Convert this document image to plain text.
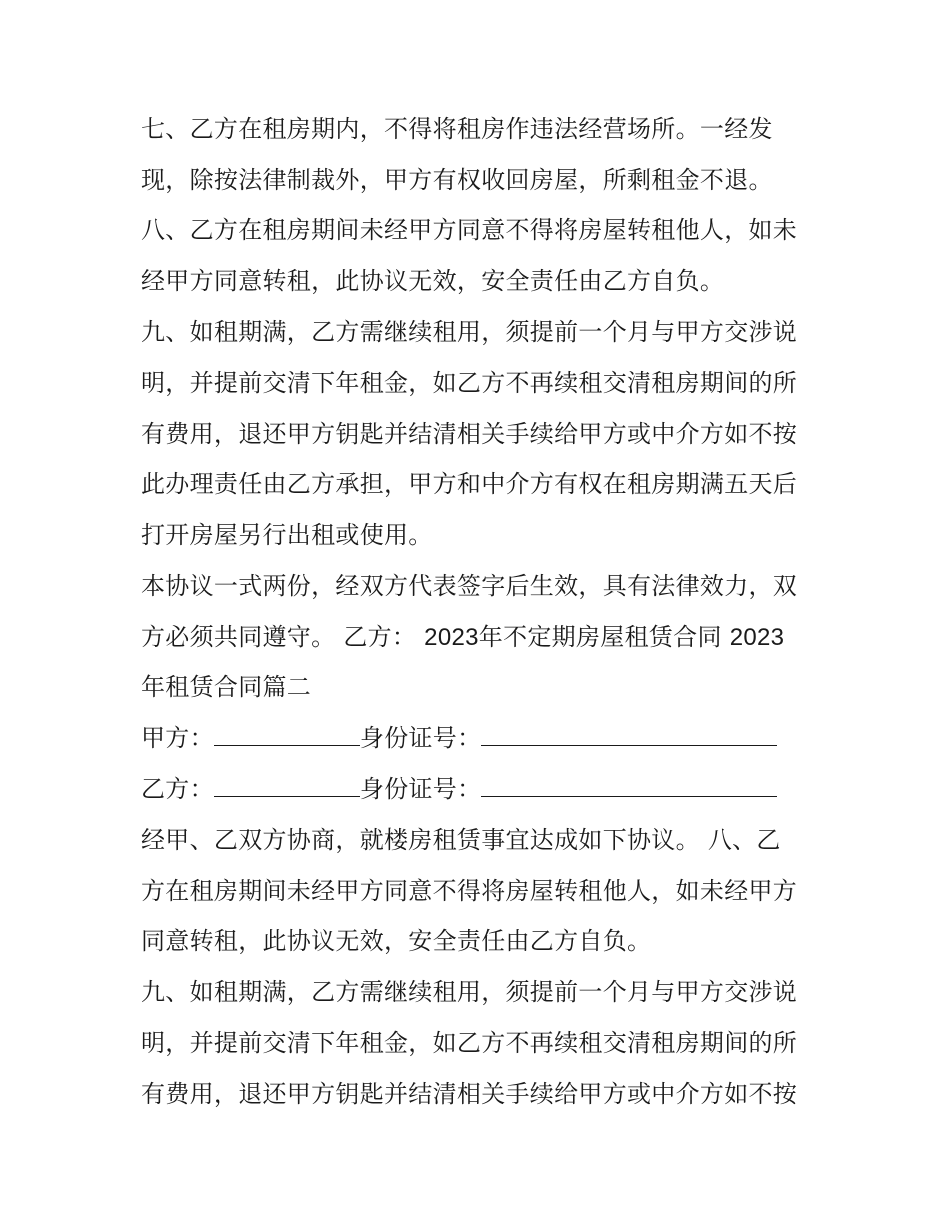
七、乙方在租房期内，不得将租房作违法经营场所。一经发
现，除按法律制裁外，甲方有权收回房屋，所剩租金不退。
八、乙方在租房期间未经甲方同意不得将房屋转租他人，如未
经甲方同意转租，此协议无效，安全责任由乙方自负。
九、如租期满，乙方需继续租用，须提前一个月与甲方交涉说
明，并提前交清下年租金，如乙方不再续租交清租房期间的所
有费用，退还甲方钥匙并结清相关手续给甲方或中介方如不按
此办理责任由乙方承担，甲方和中介方有权在租房期满五天后
打开房屋另行出租或使用。
本协议一式两份，经双方代表签字后生效，具有法律效力，双
方必须共同遵守。 乙方： 2023年不定期房屋租赁合同 2023
年租赁合同篇二
甲方：	身份证号：
乙方：	身份证号：
经甲、乙双方协商，就楼房租赁事宜达成如下协议。 八、乙
方在租房期间未经甲方同意不得将房屋转租他人，如未经甲方
同意转租，此协议无效，安全责任由乙方自负。
九、如租期满，乙方需继续租用，须提前一个月与甲方交涉说
明，并提前交清下年租金，如乙方不再续租交清租房期间的所
有费用，退还甲方钥匙并结清相关手续给甲方或中介方如不按
